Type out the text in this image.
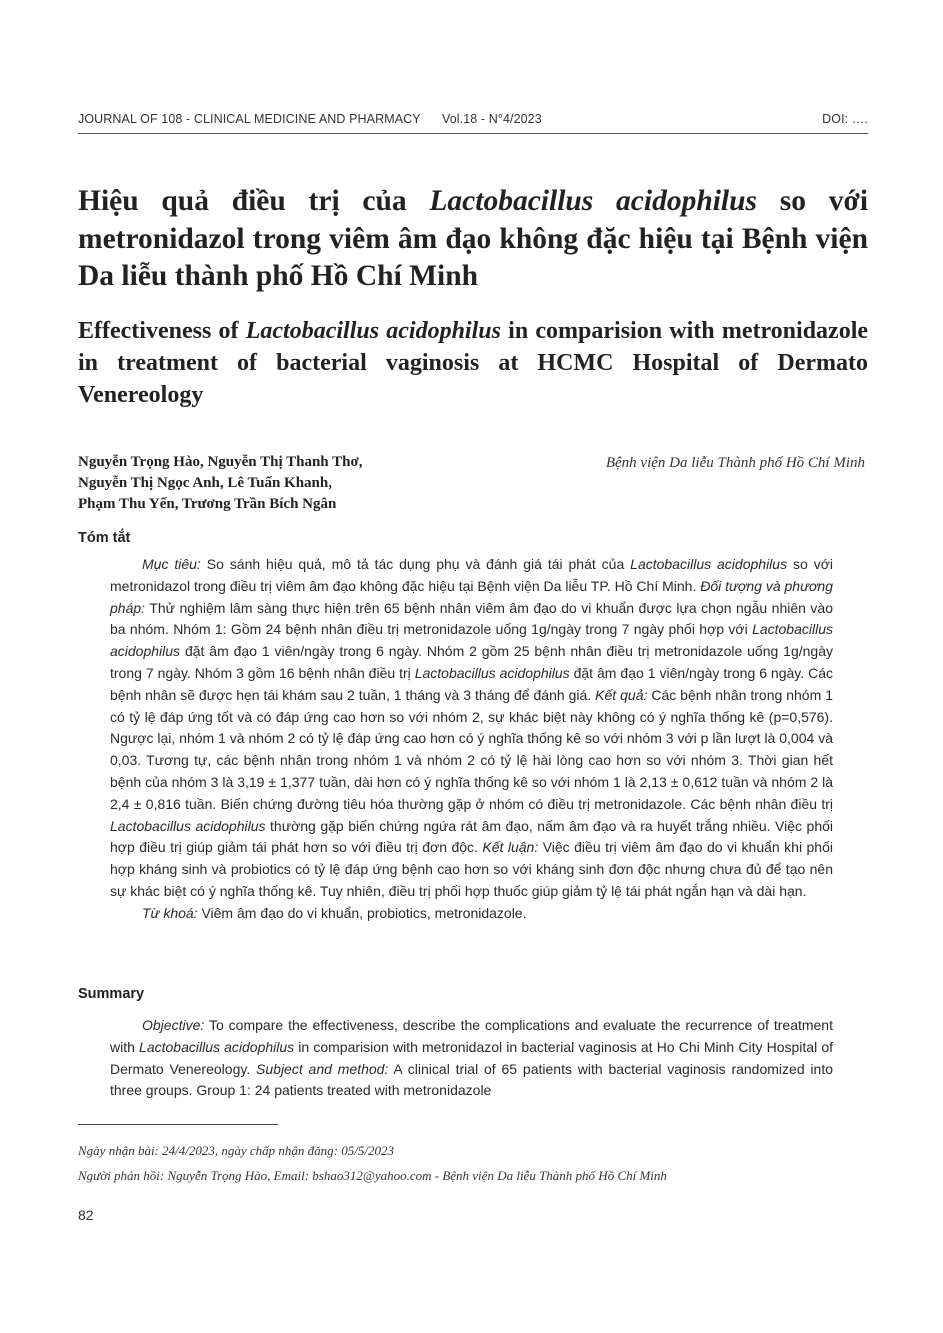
JOURNAL OF 108 - CLINICAL MEDICINE AND PHARMACY Vol.18 - N°4/2023	DOI: ….
Hiệu quả điều trị của Lactobacillus acidophilus so với metronidazol trong viêm âm đạo không đặc hiệu tại Bệnh viện Da liễu thành phố Hồ Chí Minh
Effectiveness of Lactobacillus acidophilus in comparision with metronidazole in treatment of bacterial vaginosis at HCMC Hospital of Dermato Venereology
Nguyễn Trọng Hào, Nguyễn Thị Thanh Thơ,
Nguyễn Thị Ngọc Anh, Lê Tuấn Khanh,
Phạm Thu Yến, Trương Trần Bích Ngân
Bệnh viện Da liễu Thành phố Hồ Chí Minh
Tóm tắt

Mục tiêu: So sánh hiệu quả, mô tả tác dụng phụ và đánh giá tái phát của Lactobacillus acidophilus so với metronidazol trong điều trị viêm âm đạo không đặc hiệu tại Bệnh viện Da liễu TP. Hồ Chí Minh. Đối tượng và phương pháp: Thử nghiệm lâm sàng thực hiện trên 65 bệnh nhân viêm âm đạo do vi khuẩn được lựa chọn ngẫu nhiên vào ba nhóm. Nhóm 1: Gồm 24 bệnh nhân điều trị metronidazole uống 1g/ngày trong 7 ngày phối hợp với Lactobacillus acidophilus đặt âm đạo 1 viên/ngày trong 6 ngày. Nhóm 2 gồm 25 bệnh nhân điều trị metronidazole uống 1g/ngày trong 7 ngày. Nhóm 3 gồm 16 bệnh nhân điều trị Lactobacillus acidophilus đặt âm đạo 1 viên/ngày trong 6 ngày. Các bệnh nhân sẽ được hẹn tái khám sau 2 tuần, 1 tháng và 3 tháng để đánh giá. Kết quả: Các bệnh nhân trong nhóm 1 có tỷ lệ đáp ứng tốt và có đáp ứng cao hơn so với nhóm 2, sự khác biệt này không có ý nghĩa thống kê (p=0,576). Ngược lại, nhóm 1 và nhóm 2 có tỷ lệ đáp ứng cao hơn có ý nghĩa thống kê so với nhóm 3 với p lần lượt là 0,004 và 0,03. Tương tự, các bệnh nhân trong nhóm 1 và nhóm 2 có tỷ lệ hài lòng cao hơn so với nhóm 3. Thời gian hết bệnh của nhóm 3 là 3,19 ± 1,377 tuần, dài hơn có ý nghĩa thống kê so với nhóm 1 là 2,13 ± 0,612 tuần và nhóm 2 là 2,4 ± 0,816 tuần. Biến chứng đường tiêu hóa thường gặp ở nhóm có điều trị metronidazole. Các bệnh nhân điều trị Lactobacillus acidophilus thường gặp biến chứng ngứa rát âm đạo, nấm âm đạo và ra huyết trắng nhiều. Việc phối hợp điều trị giúp giảm tái phát hơn so với điều trị đơn độc. Kết luận: Việc điều trị viêm âm đạo do vi khuẩn khi phối hợp kháng sinh và probiotics có tỷ lệ đáp ứng bệnh cao hơn so với kháng sinh đơn độc nhưng chưa đủ để tạo nên sự khác biệt có ý nghĩa thống kê. Tuy nhiên, điều trị phối hợp thuốc giúp giảm tỷ lệ tái phát ngắn hạn và dài hạn.

Từ khoá: Viêm âm đạo do vi khuẩn, probiotics, metronidazole.

Summary

Objective: To compare the effectiveness, describe the complications and evaluate the recurrence of treatment with Lactobacillus acidophilus in comparision with metronidazol in bacterial vaginosis at Ho Chi Minh City Hospital of Dermato Venereology. Subject and method: A clinical trial of 65 patients with bacterial vaginosis randomized into three groups. Group 1: 24 patients treated with metronidazole

Ngày nhận bài: 24/4/2023, ngày chấp nhận đăng: 05/5/2023
Người phản hồi: Nguyễn Trọng Hào, Email: bshao312@yahoo.com - Bệnh viện Da liễu Thành phố Hồ Chí Minh
82
